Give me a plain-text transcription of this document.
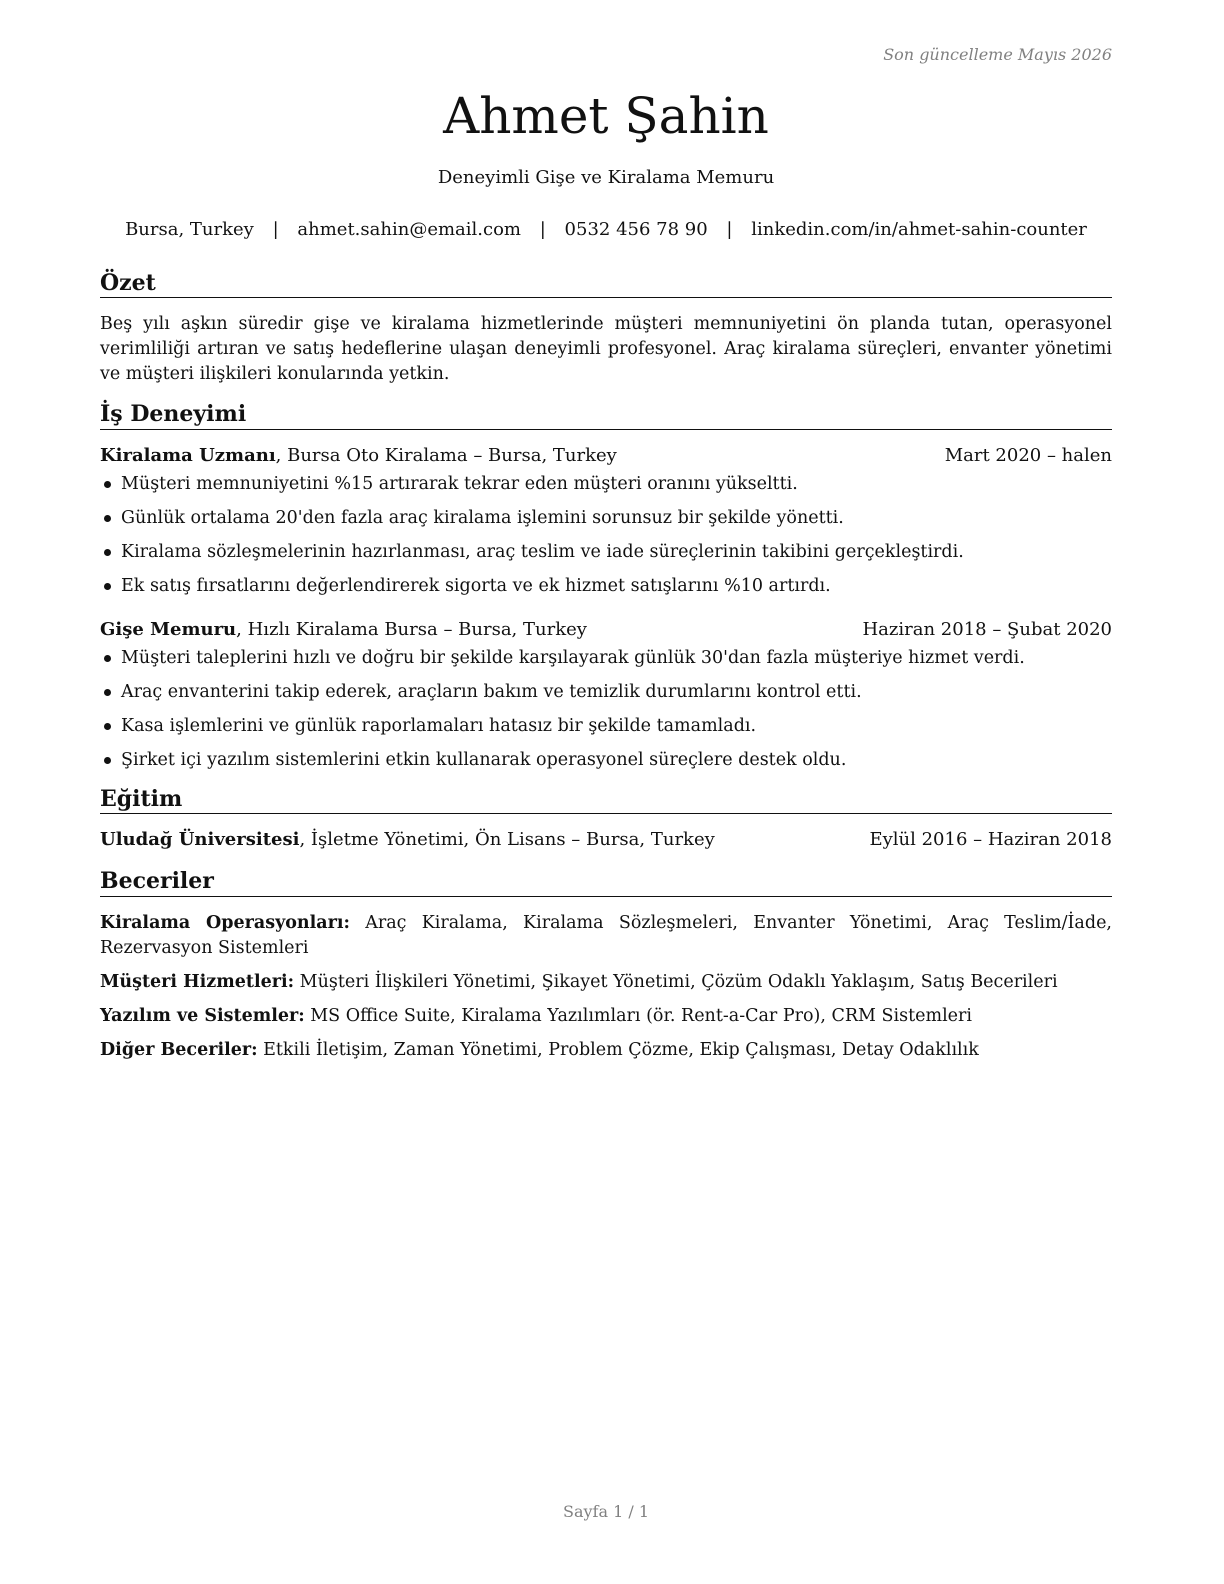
Son güncelleme Mayıs 2026
Ahmet Şahin
Deneyimli Gişe ve Kiralama Memuru
Bursa, Turkey | ahmet.sahin@email.com | 0532 456 78 90 | linkedin.com/in/ahmet-sahin-counter
Özet

Beş yılı aşkın süredir gişe ve kiralama hizmetlerinde müşteri memnuniyetini ön planda tutan, operasyonel verimliliği artıran ve satış hedeflerine ulaşan deneyimli profesyonel. Araç kiralama süreçleri, envanter yönetimi ve müşteri ilişkileri konularında yetkin.

İş Deneyimi
Kiralama Uzmanı, Bursa Oto Kiralama – Bursa, Turkey	Mart 2020 – halen
Müşteri memnuniyetini %15 artırarak tekrar eden müşteri oranını yükseltti.
Günlük ortalama 20'den fazla araç kiralama işlemini sorunsuz bir şekilde yönetti.
Kiralama sözleşmelerinin hazırlanması, araç teslim ve iade süreçlerinin takibini gerçekleştirdi.
Ek satış fırsatlarını değerlendirerek sigorta ve ek hizmet satışlarını %10 artırdı.
Gişe Memuru, Hızlı Kiralama Bursa – Bursa, Turkey	Haziran 2018 – Şubat 2020
Müşteri taleplerini hızlı ve doğru bir şekilde karşılayarak günlük 30'dan fazla müşteriye hizmet verdi.
Araç envanterini takip ederek, araçların bakım ve temizlik durumlarını kontrol etti.
Kasa işlemlerini ve günlük raporlamaları hatasız bir şekilde tamamladı.
Şirket içi yazılım sistemlerini etkin kullanarak operasyonel süreçlere destek oldu.
Eğitim
Uludağ Üniversitesi, İşletme Yönetimi, Ön Lisans – Bursa, Turkey	Eylül 2016 – Haziran 2018
Beceriler
Kiralama Operasyonları: Araç Kiralama, Kiralama Sözleşmeleri, Envanter Yönetimi, Araç Teslim/İade, Rezervasyon Sistemleri
Müşteri Hizmetleri: Müşteri İlişkileri Yönetimi, Şikayet Yönetimi, Çözüm Odaklı Yaklaşım, Satış Becerileri
Yazılım ve Sistemler: MS Office Suite, Kiralama Yazılımları (ör. Rent-a-Car Pro), CRM Sistemleri
Diğer Beceriler: Etkili İletişim, Zaman Yönetimi, Problem Çözme, Ekip Çalışması, Detay Odaklılık
Sayfa 1 / 1
